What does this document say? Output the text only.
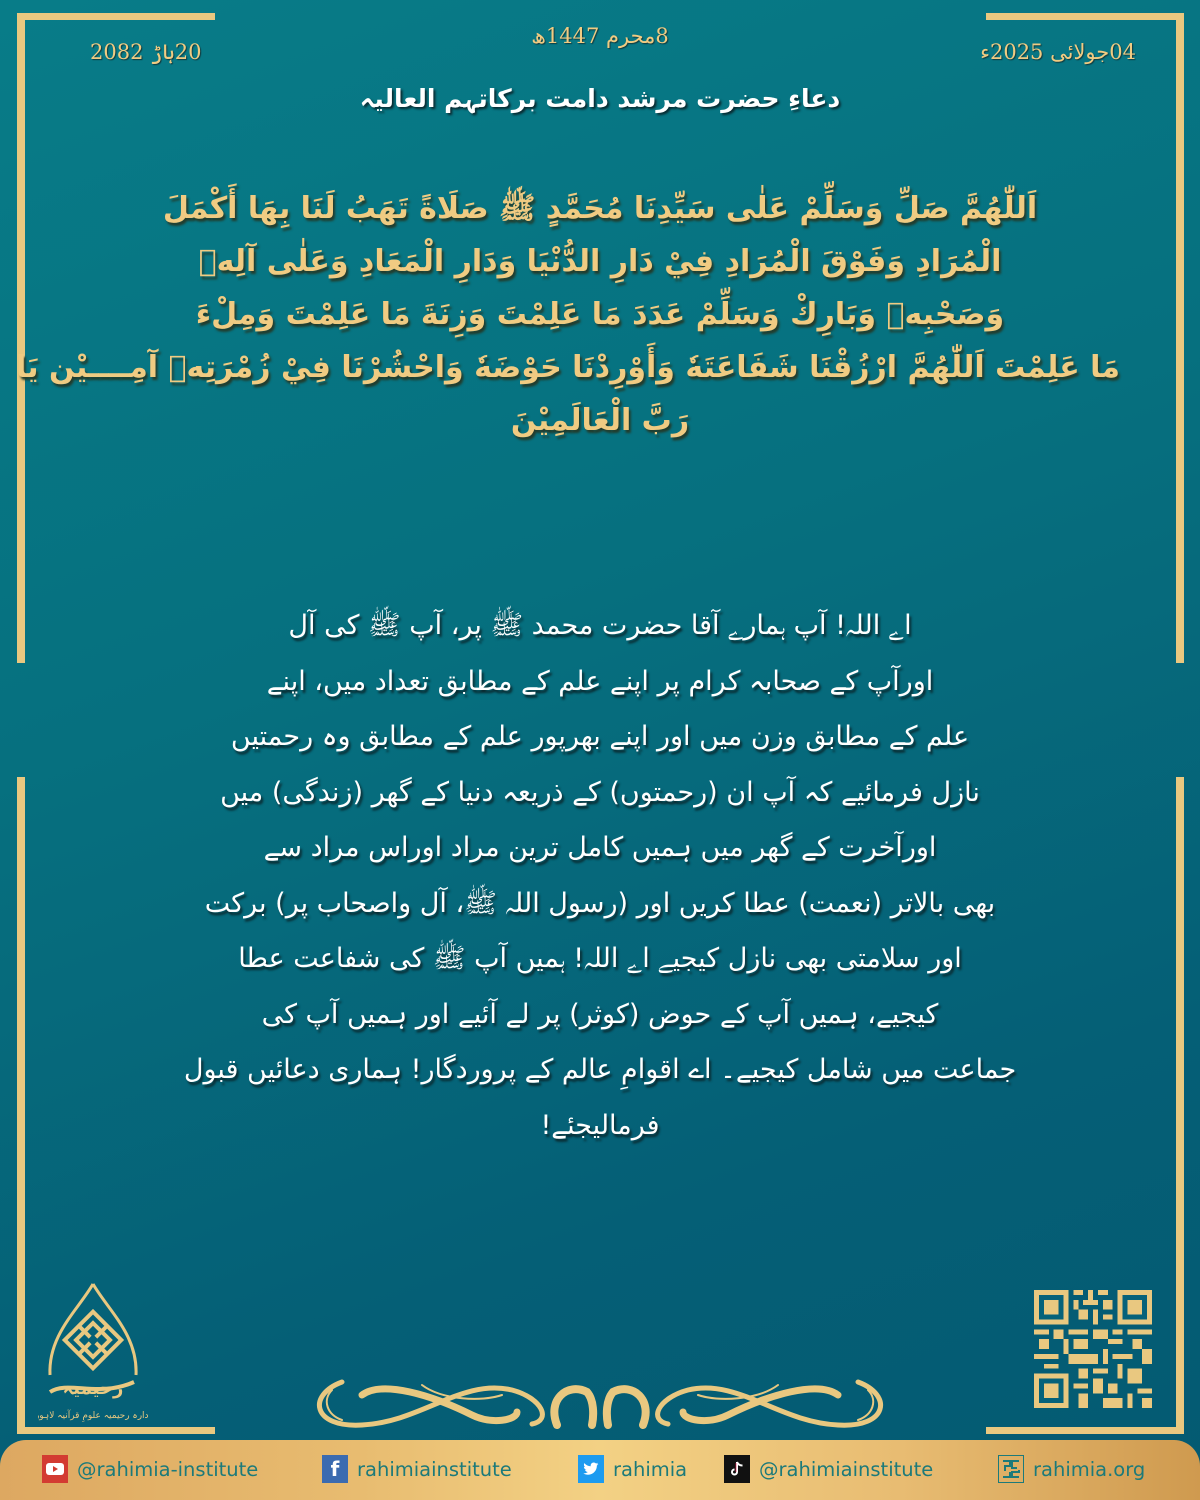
8محرم 1447ھ
04جولائی 2025ء
20ہاڑ 2082
دعاءِ حضرت مرشد دامت برکاتہم العالیہ
اَللّٰهُمَّ صَلِّ وَسَلِّمْ عَلٰى سَيِّدِنَا مُحَمَّدٍ ﷺ صَلَاةً تَهَبُ لَنَا بِهَا أَكْمَلَ
الْمُرَادِ وَفَوْقَ الْمُرَادِ فِيْ دَارِ الدُّنْيَا وَدَارِ الْمَعَادِ وَعَلٰى آلِهٖ
وَصَحْبِهٖ وَبَارِكْ وَسَلِّمْ عَدَدَ مَا عَلِمْتَ وَزِنَةَ مَا عَلِمْتَ وَمِلْءَ
مَا عَلِمْتَ اَللّٰهُمَّ ارْزُقْنَا شَفَاعَتَهٗ وَأَوْرِدْنَا حَوْضَهٗ وَاحْشُرْنَا فِيْ زُمْرَتِهٖ آمِــــيْن يَا
رَبَّ الْعَالَمِيْنَ
اے اللہ! آپ ہمارے آقا حضرت محمد ﷺ پر، آپ ﷺ کی آل
اورآپ کے صحابہ کرام پر اپنے علم کے مطابق تعداد میں، اپنے
علم کے مطابق وزن میں اور اپنے بھرپور علم کے مطابق وہ رحمتیں
نازل فرمائیے کہ آپ ان (رحمتوں) کے ذریعہ دنیا کے گھر (زندگی) میں
اورآخرت کے گھر میں ہمیں کامل ترین مراد اوراس مراد سے
بھی بالاتر (نعمت) عطا کریں اور (رسول اللہ ﷺ، آل واصحاب پر) برکت
اور سلامتی بھی نازل کیجیے اے اللہ! ہمیں آپ ﷺ کی شفاعت عطا
کیجیے، ہمیں آپ کے حوض (کوثر) پر لے آئیے اور ہمیں آپ کی
جماعت میں شامل کیجیے۔ اے اقوامِ عالم کے پروردگار! ہماری دعائیں قبول
فرمالیجئے!
رحیمیہ
ادارہ رحیمیہ علومِ قرآنیہ لاہور
@rahimia-institute	f rahimiainstitute	rahimia	@rahimiainstitute	rahimia.org
